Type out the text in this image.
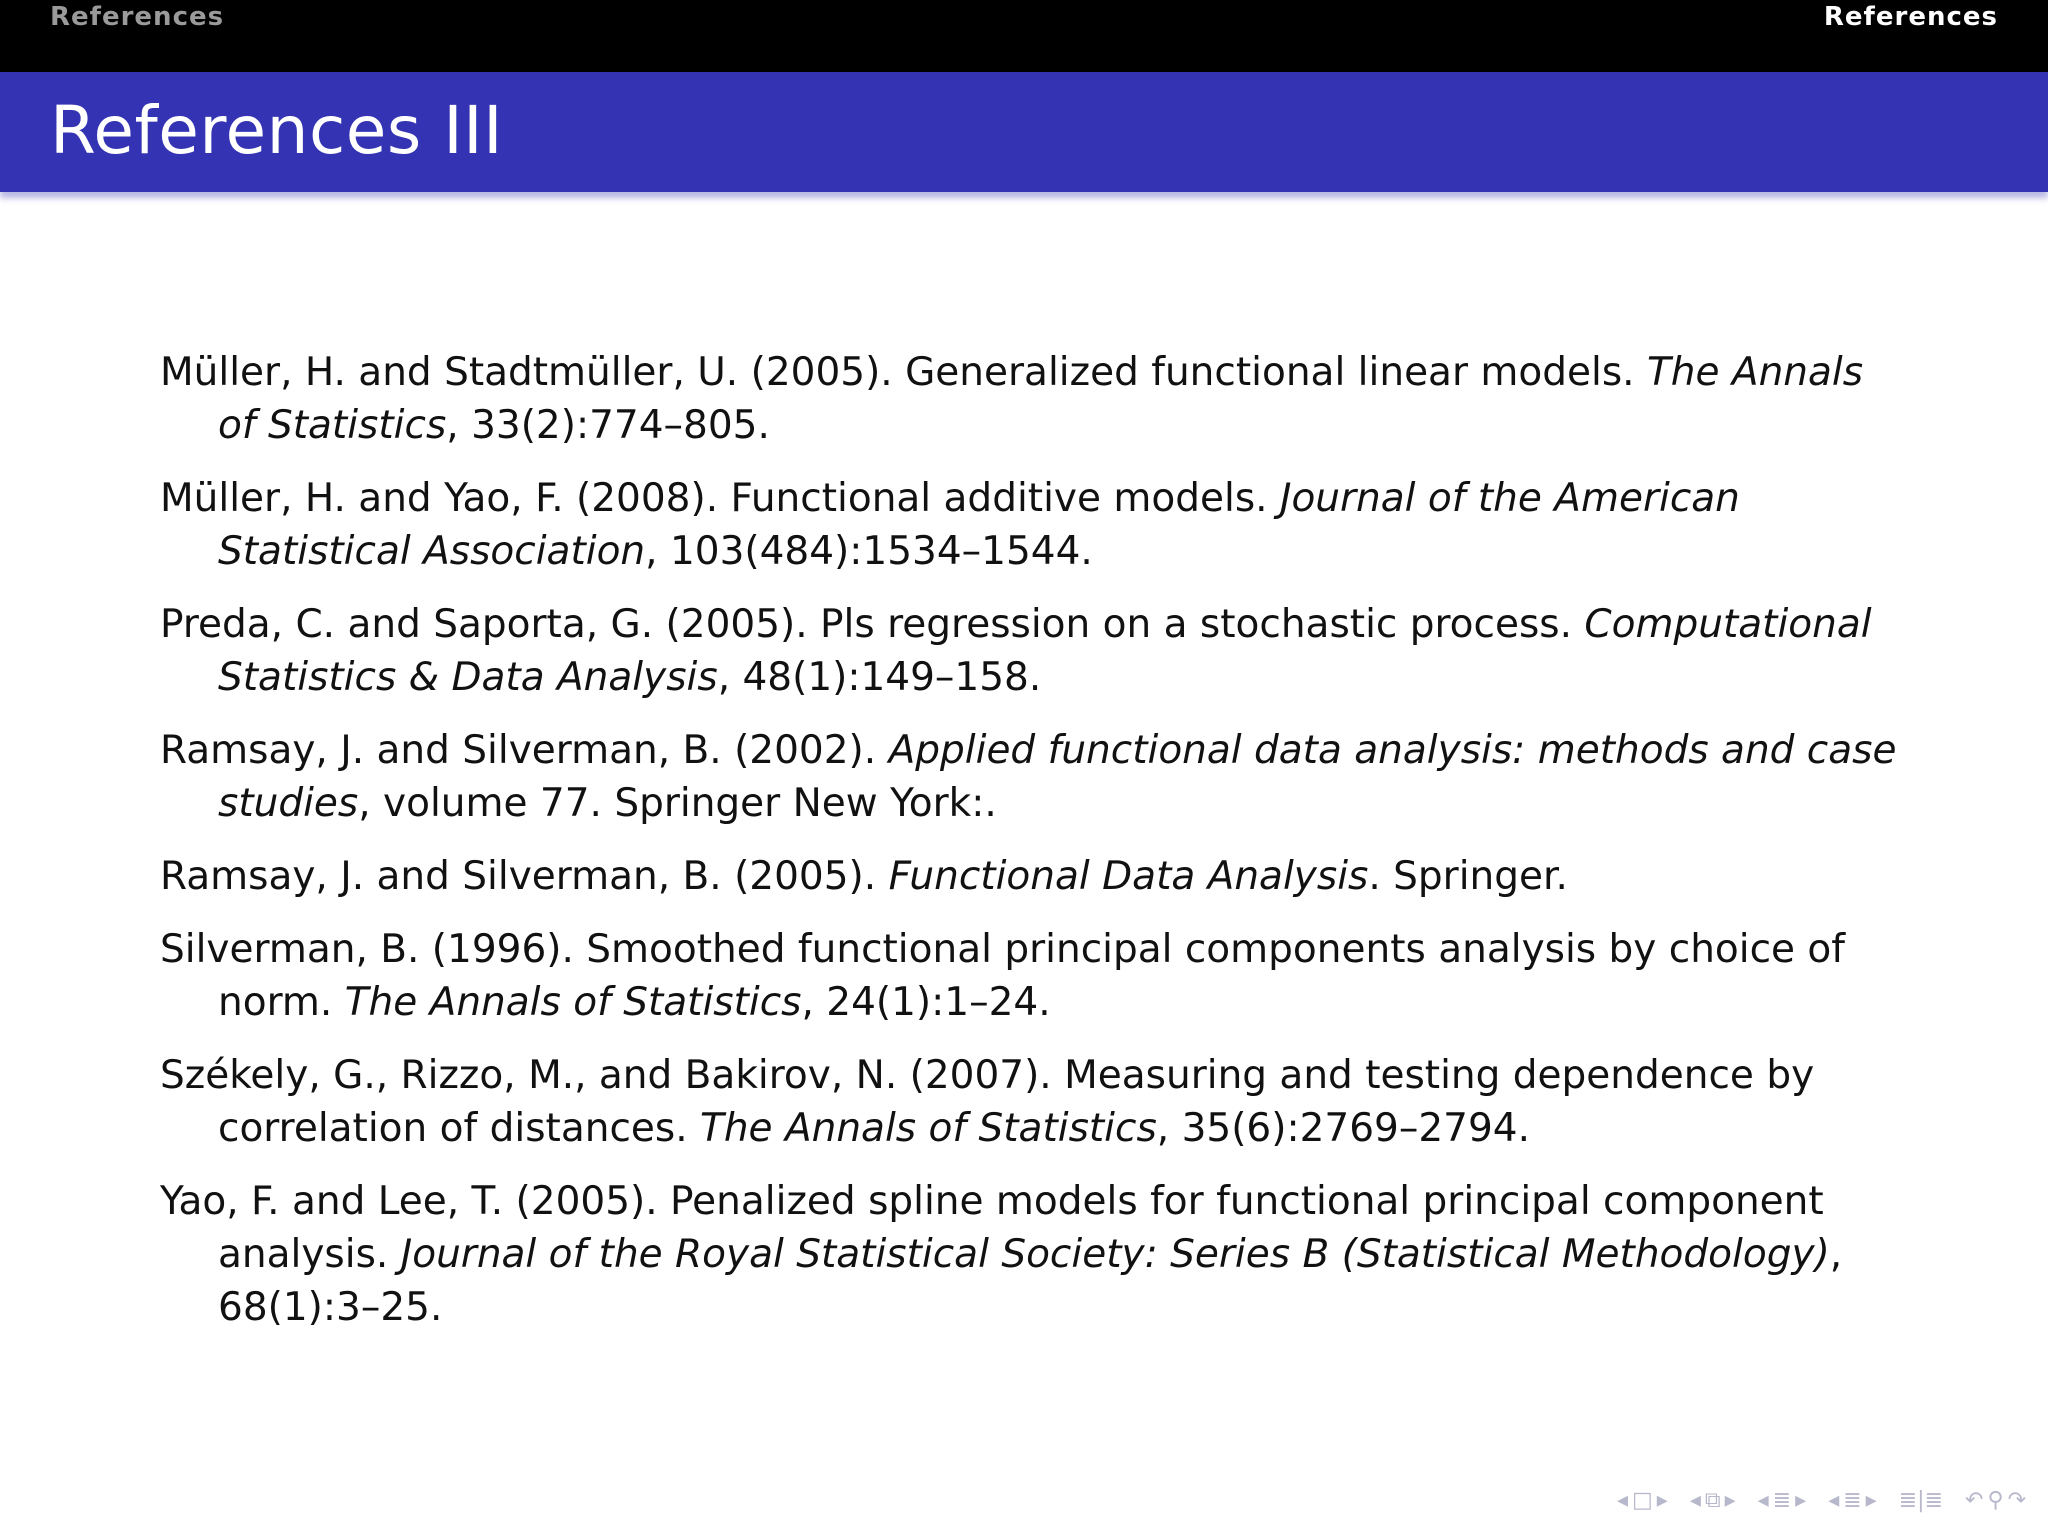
References	References
References III
Müller, H. and Stadtmüller, U. (2005). Generalized functional linear models. The Annals of Statistics, 33(2):774–805.
Müller, H. and Yao, F. (2008). Functional additive models. Journal of the American Statistical Association, 103(484):1534–1544.
Preda, C. and Saporta, G. (2005). Pls regression on a stochastic process. Computational Statistics & Data Analysis, 48(1):149–158.
Ramsay, J. and Silverman, B. (2002). Applied functional data analysis: methods and case studies, volume 77. Springer New York:.
Ramsay, J. and Silverman, B. (2005). Functional Data Analysis. Springer.
Silverman, B. (1996). Smoothed functional principal components analysis by choice of norm. The Annals of Statistics, 24(1):1–24.
Székely, G., Rizzo, M., and Bakirov, N. (2007). Measuring and testing dependence by correlation of distances. The Annals of Statistics, 35(6):2769–2794.
Yao, F. and Lee, T. (2005). Penalized spline models for functional principal component analysis. Journal of the Royal Statistical Society: Series B (Statistical Methodology), 68(1):3–25.
◂ □ ▸ ◂ ⧉ ▸ ◂ ≣ ▸ ◂ ≣ ▸ ≣|≣ ↶ ⚲ ↷
